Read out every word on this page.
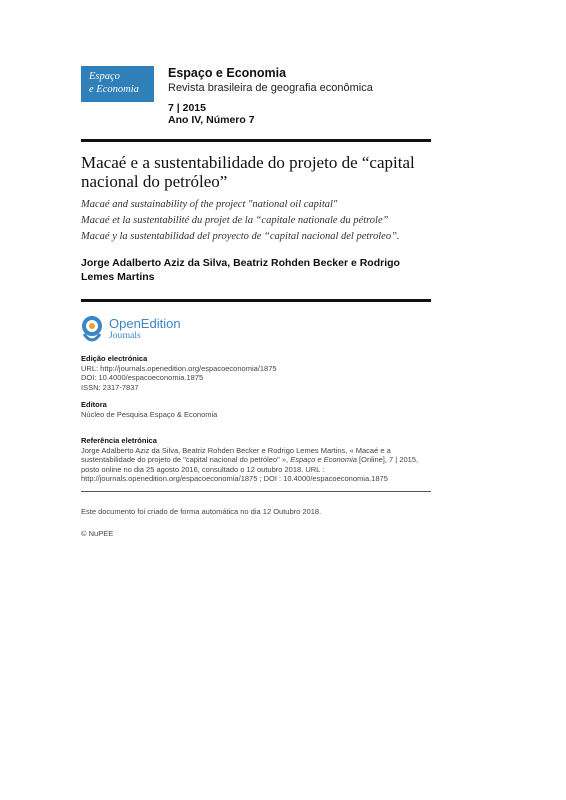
Espaço
e Economia
Espaço e Economia
Revista brasileira de geografia econômica
7 | 2015
Ano IV, Número 7
Macaé e a sustentabilidade do projeto de “capital nacional do petróleo”
Macaé and sustainability of the project "national oil capital"
Macaé et la sustentabilité du projet de la “capitale nationale du pétrole”
Macaé y la sustentabilidad del proyecto de “capital nacional del petroleo”.
Jorge Adalberto Aziz da Silva, Beatriz Rohden Becker e Rodrigo Lemes Martins
OpenEdition
Journals
Edição electrónica
URL: http://journals.openedition.org/espacoeconomia/1875
DOI: 10.4000/espacoeconomia.1875
ISSN: 2317-7837
Editora
Núcleo de Pesquisa Espaço & Economia
Referência eletrónica
Jorge Adalberto Aziz da Silva, Beatriz Rohden Becker e Rodrigo Lemes Martins, « Macaé e a sustentabilidade do projeto de "capital nacional do petróleo" », Espaço e Economia [Online], 7 | 2015, posto online no dia 25 agosto 2016, consultado o 12 outubro 2018. URL : http://journals.openedition.org/espacoeconomia/1875 ; DOI : 10.4000/espacoeconomia.1875
Este documento foi criado de forma automática no dia 12 Outubro 2018.
© NuPEE
